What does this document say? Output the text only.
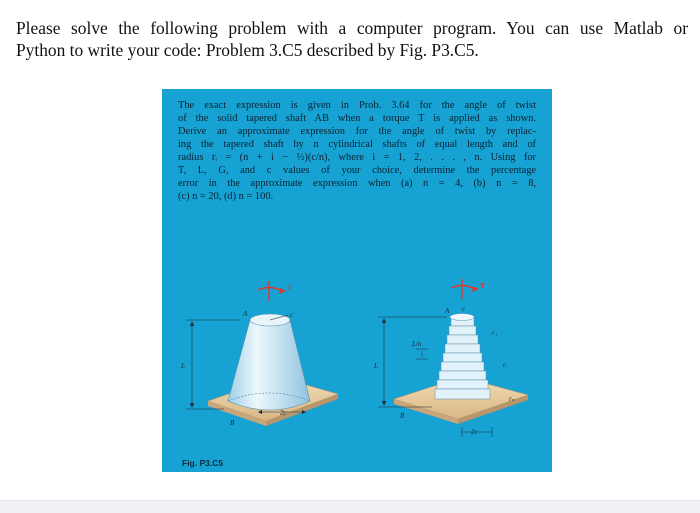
Please solve the following problem with a computer program. You can use Matlab or
Python to write your code: Problem 3.C5 described by Fig. P3.C5.
The exact expression is given in Prob. 3.64 for the angle of twist
of the solid tapered shaft AB when a torque T is applied as shown.
Derive an approximate expression for the angle of twist by replac-
ing the tapered shaft by n cylindrical shafts of equal length and of
radius rᵢ = (n + i − ½)(c/n), where i = 1, 2, . . . , n. Using for
T, L, G, and c values of your choice, determine the percentage
error in the approximate expression when (a) n = 4, (b) n = 8,
(c) n = 20, (d) n = 100.
A
B
T
L
c
2c
A
B
T
L
c
L/n
r₁
rᵢ
rₙ
2c
Fig. P3.C5
